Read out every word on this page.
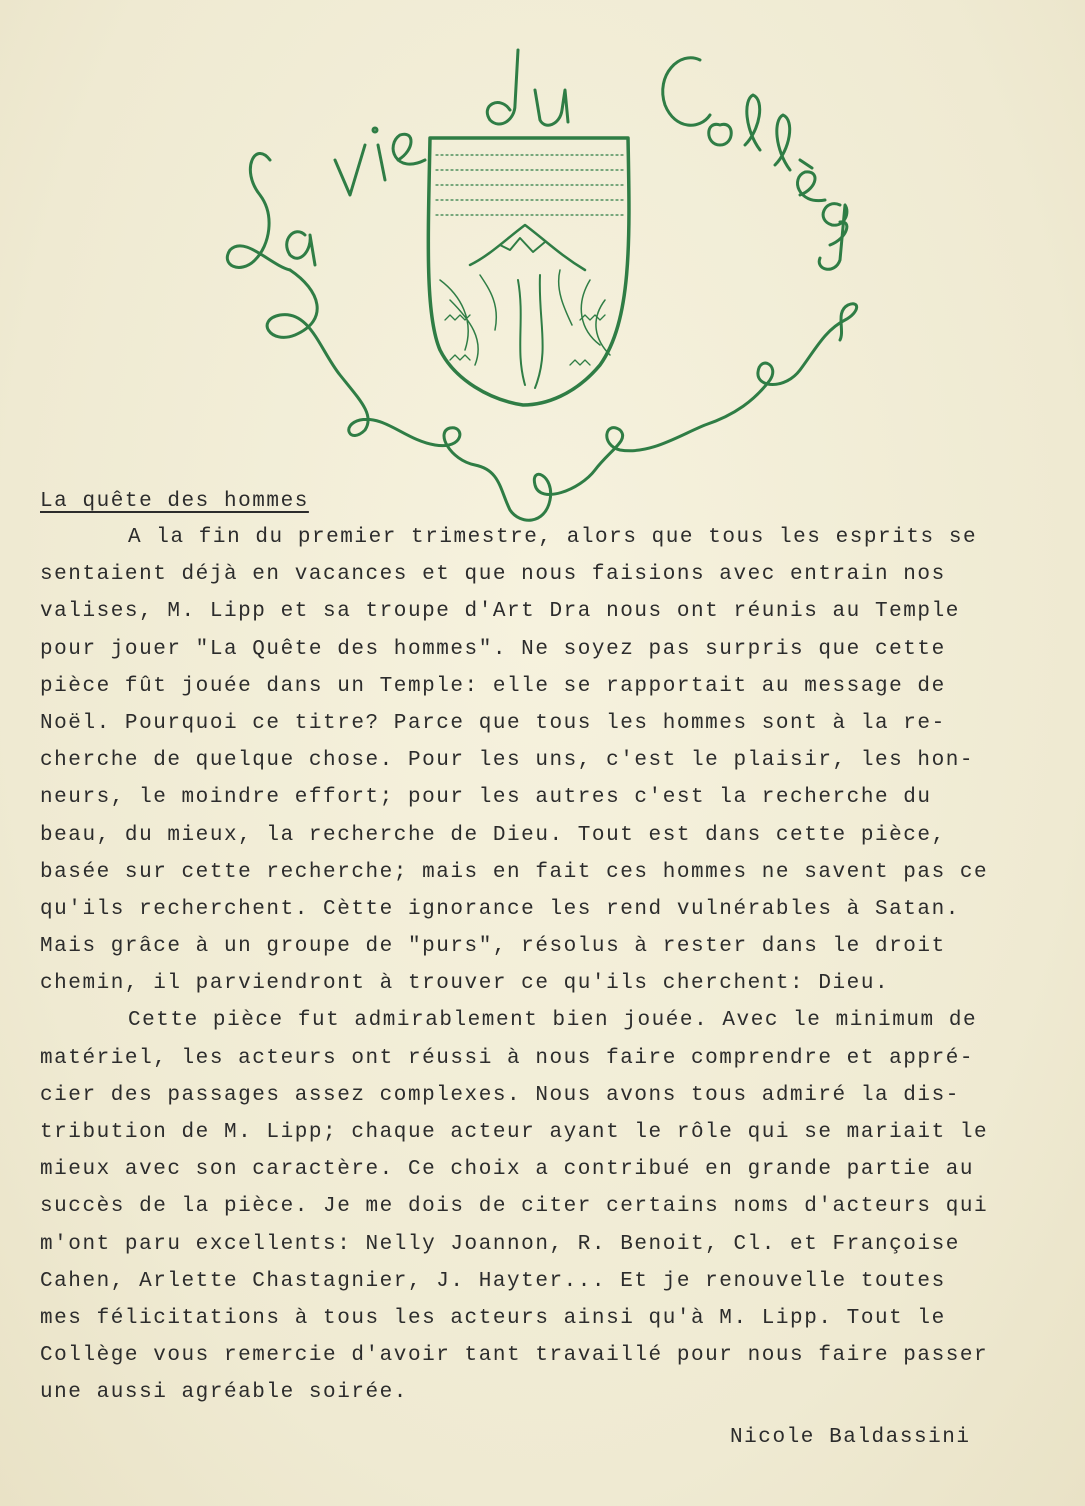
La quête des hommes
A la fin du premier trimestre, alors que tous les esprits se
sentaient déjà en vacances et que nous faisions avec entrain nos
valises, M. Lipp et sa troupe d'Art Dra nous ont réunis au Temple
pour jouer "La Quête des hommes". Ne soyez pas surpris que cette
pièce fût jouée dans un Temple: elle se rapportait au message de
Noël. Pourquoi ce titre? Parce que tous les hommes sont à la re-
cherche de quelque chose. Pour les uns, c'est le plaisir, les hon-
neurs, le moindre effort; pour les autres c'est la recherche du
beau, du mieux, la recherche de Dieu. Tout est dans cette pièce,
basée sur cette recherche; mais en fait ces hommes ne savent pas ce
qu'ils recherchent. Cètte ignorance les rend vulnérables à Satan.
Mais grâce à un groupe de "purs", résolus à rester dans le droit
chemin, il parviendront à trouver ce qu'ils cherchent: Dieu.
Cette pièce fut admirablement bien jouée. Avec le minimum de
matériel, les acteurs ont réussi à nous faire comprendre et appré-
cier des passages assez complexes. Nous avons tous admiré la dis-
tribution de M. Lipp; chaque acteur ayant le rôle qui se mariait le
mieux avec son caractère. Ce choix a contribué en grande partie au
succès de la pièce. Je me dois de citer certains noms d'acteurs qui
m'ont paru excellents: Nelly Joannon, R. Benoit, Cl. et Françoise
Cahen, Arlette Chastagnier, J. Hayter... Et je renouvelle toutes
mes félicitations à tous les acteurs ainsi qu'à M. Lipp. Tout le
Collège vous remercie d'avoir tant travaillé pour nous faire passer
une aussi agréable soirée.
Nicole Baldassini
